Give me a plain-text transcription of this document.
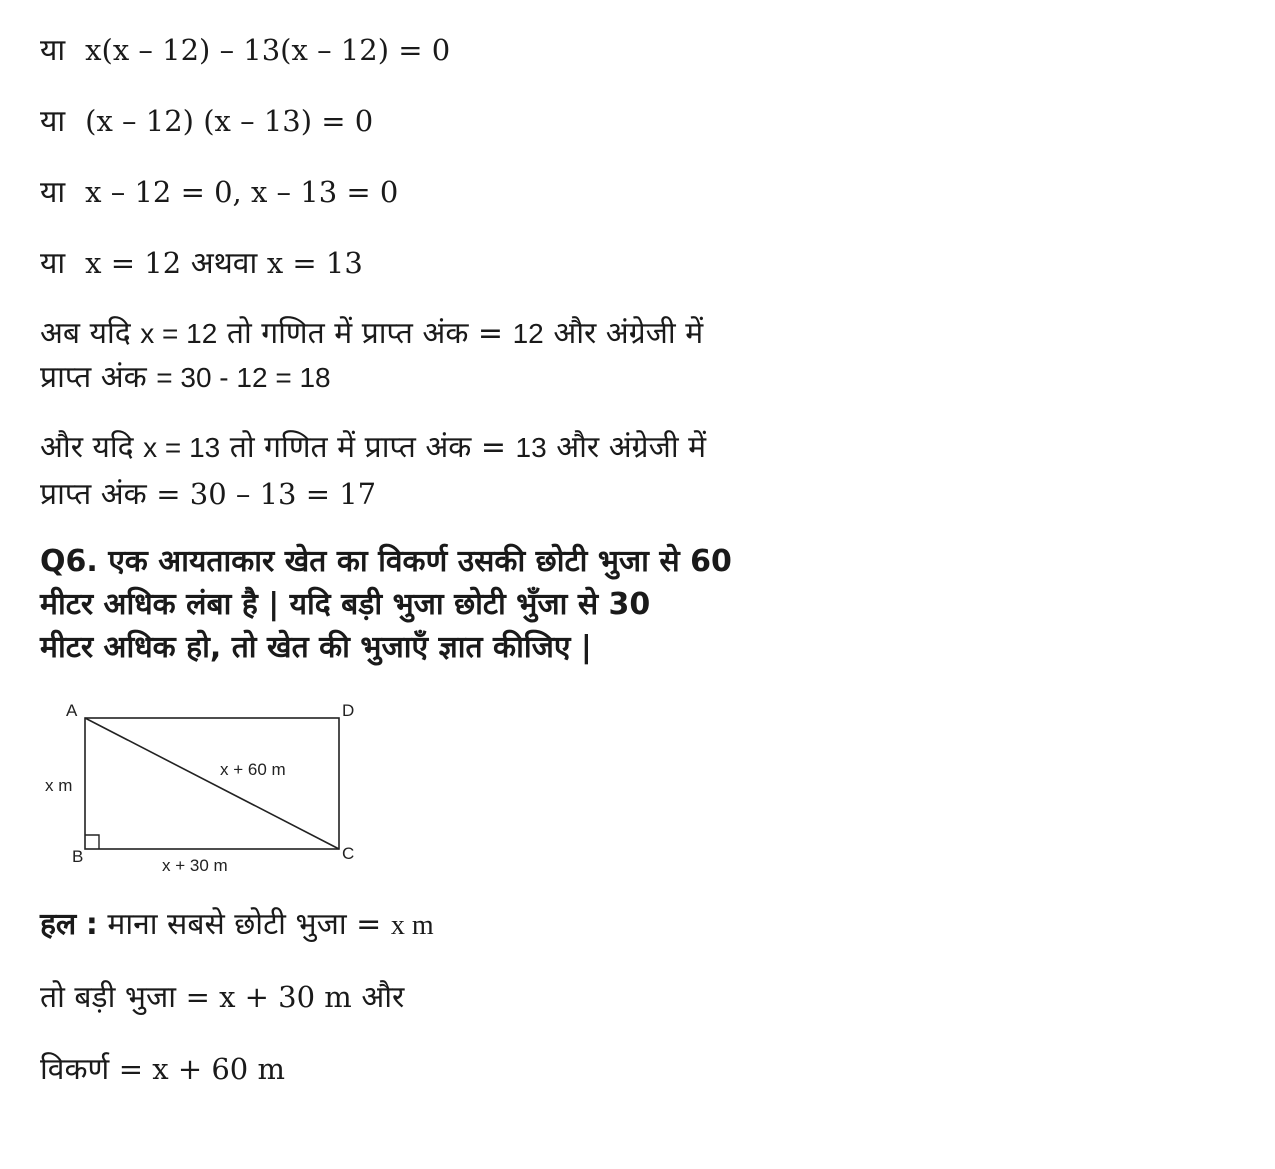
या x(x – 12) – 13(x – 12) = 0
या (x – 12) (x – 13) = 0
या x – 12 = 0, x – 13 = 0
या x = 12 अथवा x = 13
अब यदि x = 12 तो गणित में प्राप्त अंक = 12 और अंग्रेजी में
प्राप्त अंक = 30 - 12 = 18
और यदि x = 13 तो गणित में प्राप्त अंक = 13 और अंग्रेजी में
प्राप्त अंक = 30 – 13 = 17
Q6. एक आयताकार खेत का विकर्ण उसकी छोटी भुजा से 60
मीटर अधिक लंबा है | यदि बड़ी भुजा छोटी भुँजा से 30
मीटर अधिक हो, तो खेत की भुजाएँ ज्ञात कीजिए |
हल : माना सबसे छोटी भुजा = x m
तो बड़ी भुजा = x + 30 m और
विकर्ण = x + 60 m
A	D
B	C
x m
x + 30 m
x + 60 m
